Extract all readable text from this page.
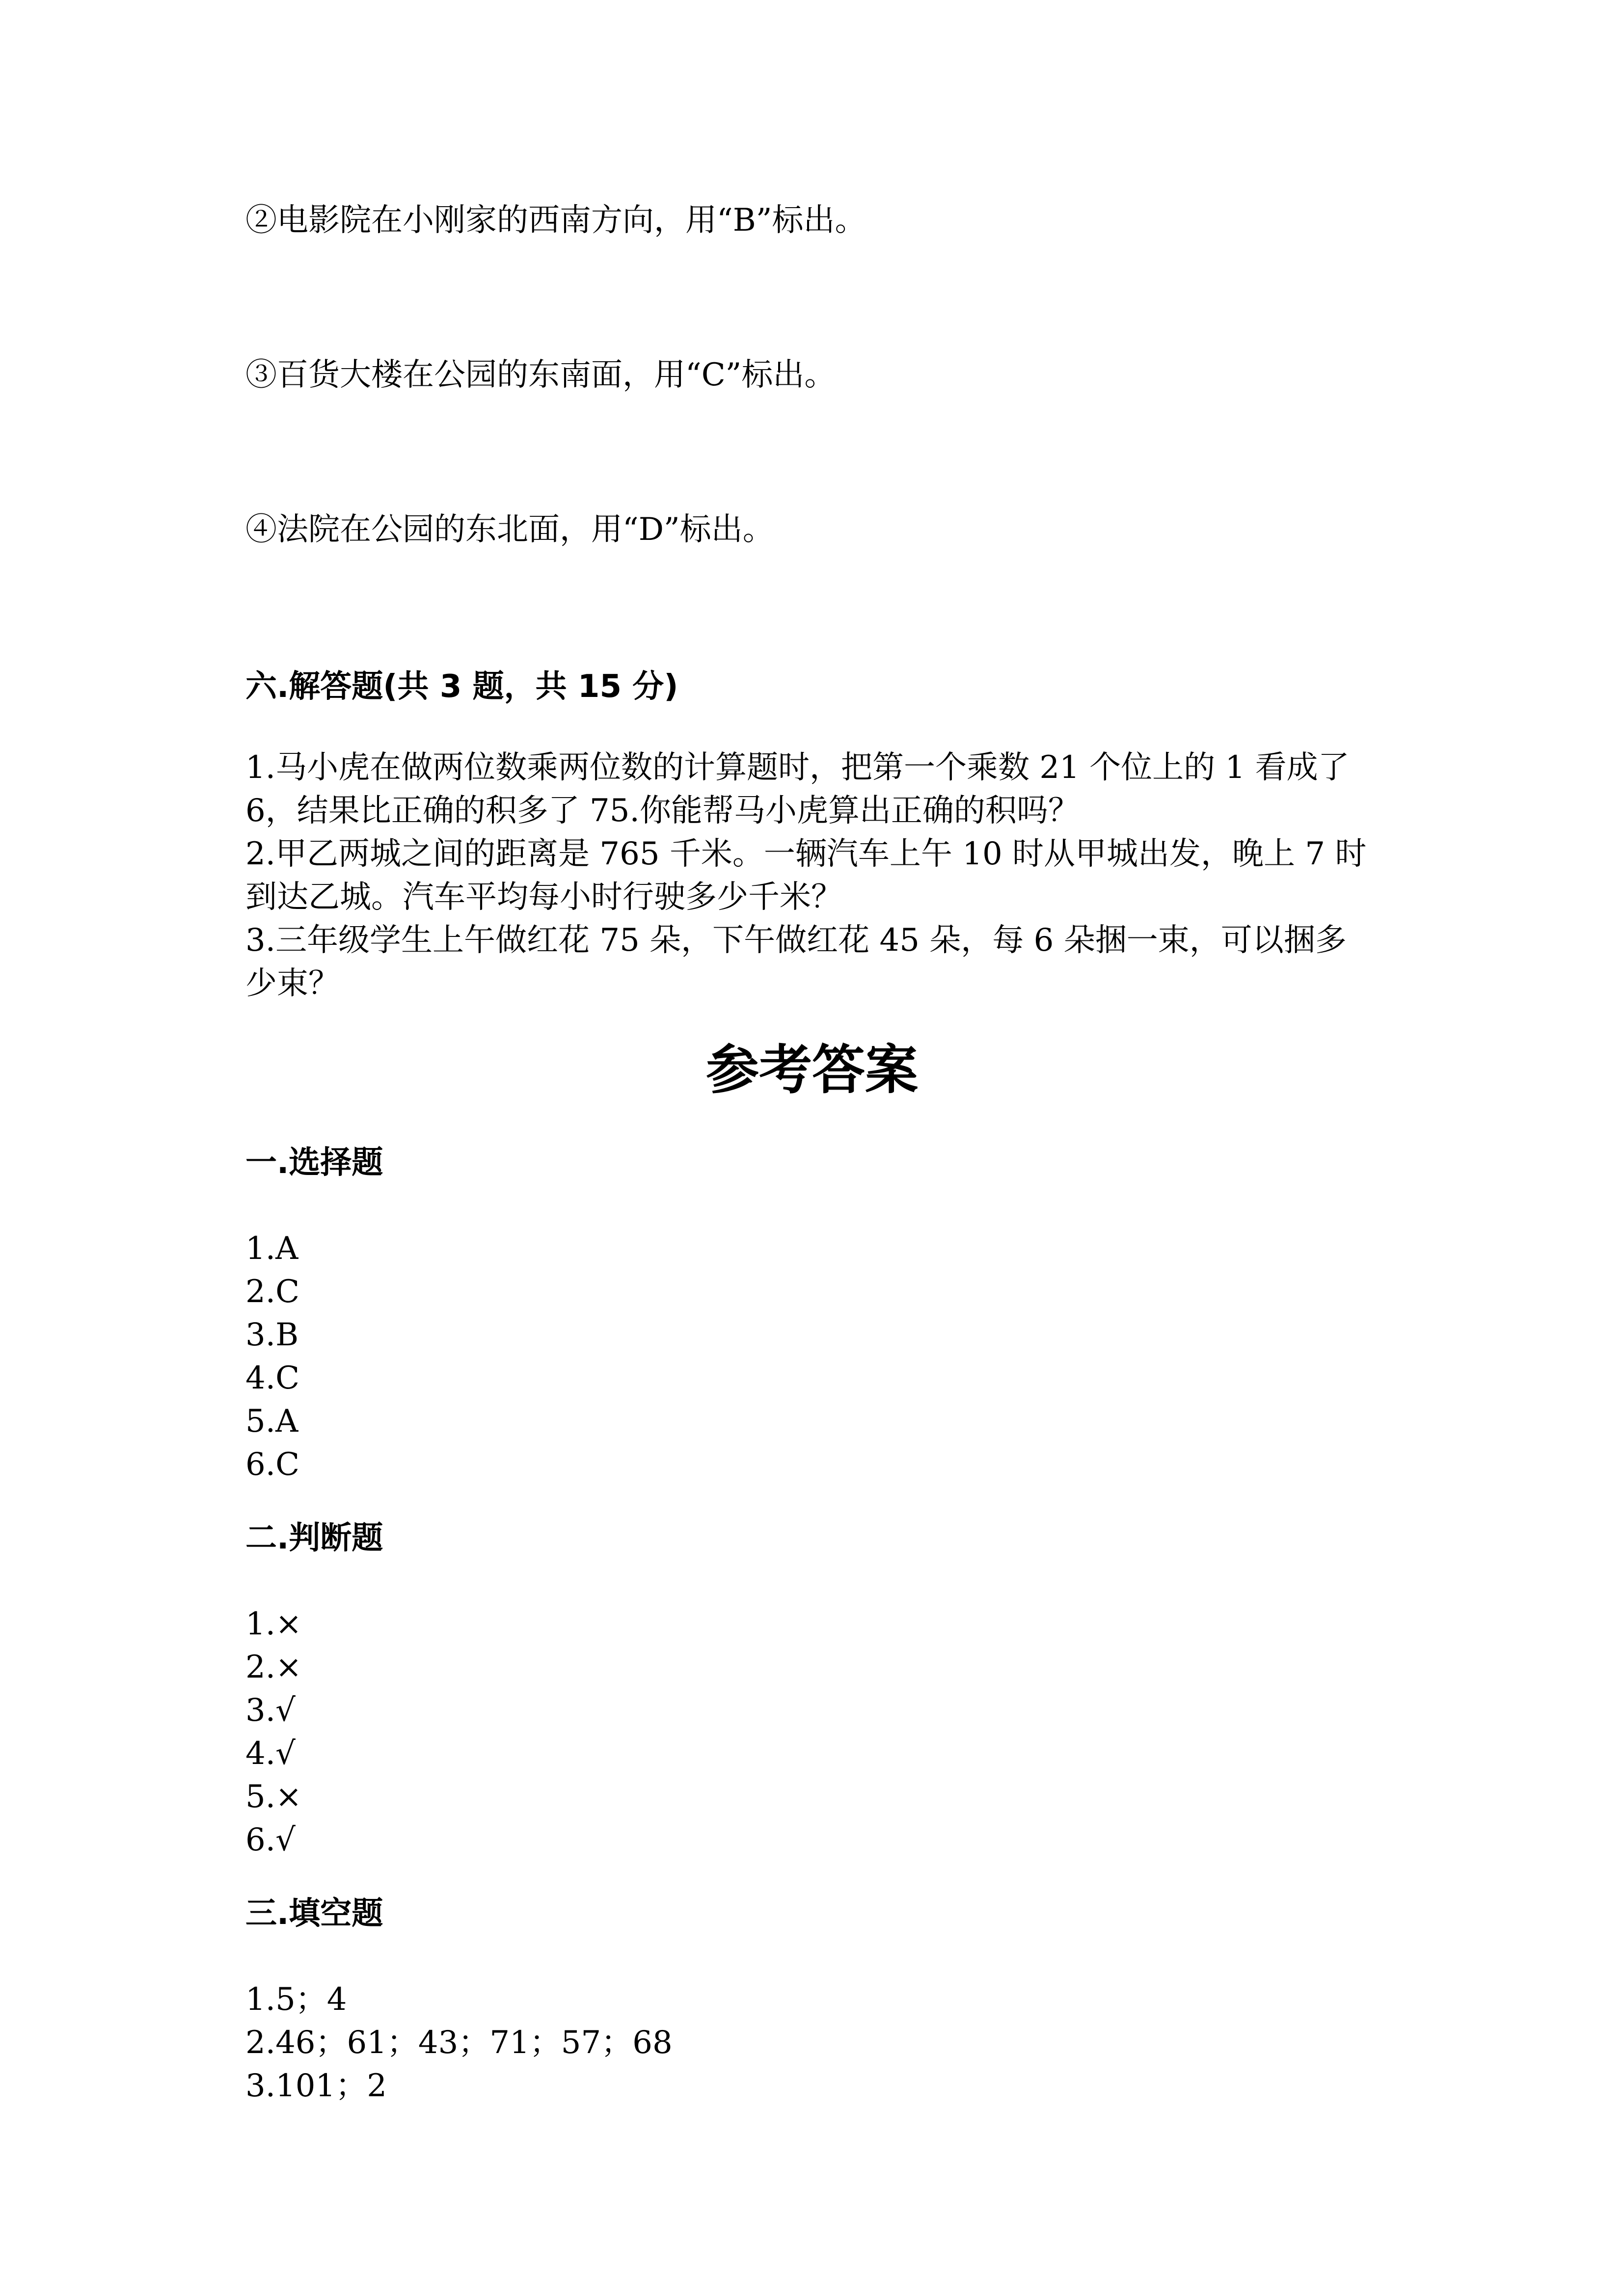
②电影院在小刚家的西南方向，用“B”标出。

③百货大楼在公园的东南面，用“C”标出。

④法院在公园的东北面，用“D”标出。

六.解答题(共 3 题，共 15 分)

1.马小虎在做两位数乘两位数的计算题时，把第一个乘数 21 个位上的 1 看成了

6，结果比正确的积多了 75.你能帮马小虎算出正确的积吗？

2.甲乙两城之间的距离是 765 千米。一辆汽车上午 10 时从甲城出发，晚上 7 时

到达乙城。汽车平均每小时行驶多少千米？

3.三年级学生上午做红花 75 朵，下午做红花 45 朵，每 6 朵捆一束，可以捆多

少束？

参考答案
一.选择题

1.A

2.C

3.B

4.C

5.A

6.C

二.判断题

1.×

2.×

3.√

4.√

5.×

6.√

三.填空题

1.5；4

2.46；61；43；71；57；68

3.101；2
